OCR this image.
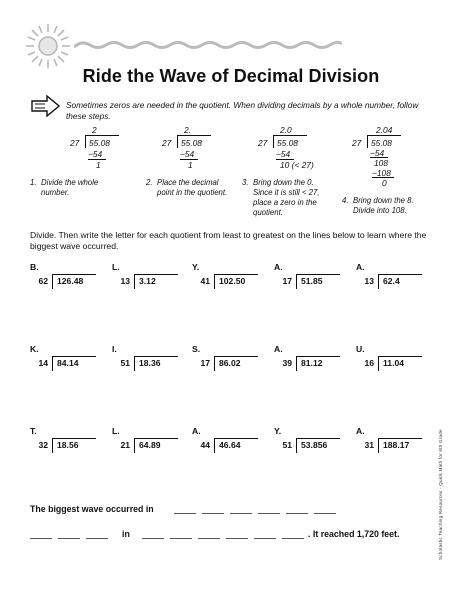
Ride the Wave of Decimal Division
Sometimes zeros are needed in the quotient. When dividing decimals by a whole number, follow these steps.
2
27 55.08
−54
1
2.
27 55.08
−54
1
2.0
27 55.08
−54
10 (< 27)
2.04
27 55.08
−54
108
−108
0
1. Divide the whole number.
2. Place the decimal point in the quotient.
3. Bring down the 0. Since it is still < 27, place a zero in the quotient.
4. Bring down the 8. Divide into 108.
Divide. Then write the letter for each quotient from least to greatest on the lines below to learn where the biggest wave occurred.
B.
62 126.48
L.
13 3.12
Y.
41 102.50
A.
17 51.85
A.
13 62.4
K.
14 84.14
I.
51 18.36
S.
17 86.02
A.
39 81.12
U.
16 11.04
T.
32 18.56
L.
21 64.89
A.
44 46.64
Y.
51 53.856
A.
31 188.17
The biggest wave occurred in
in	. It reached 1,720 feet.	Scholastic Teaching Resources · Quick Math for 6th Grade
